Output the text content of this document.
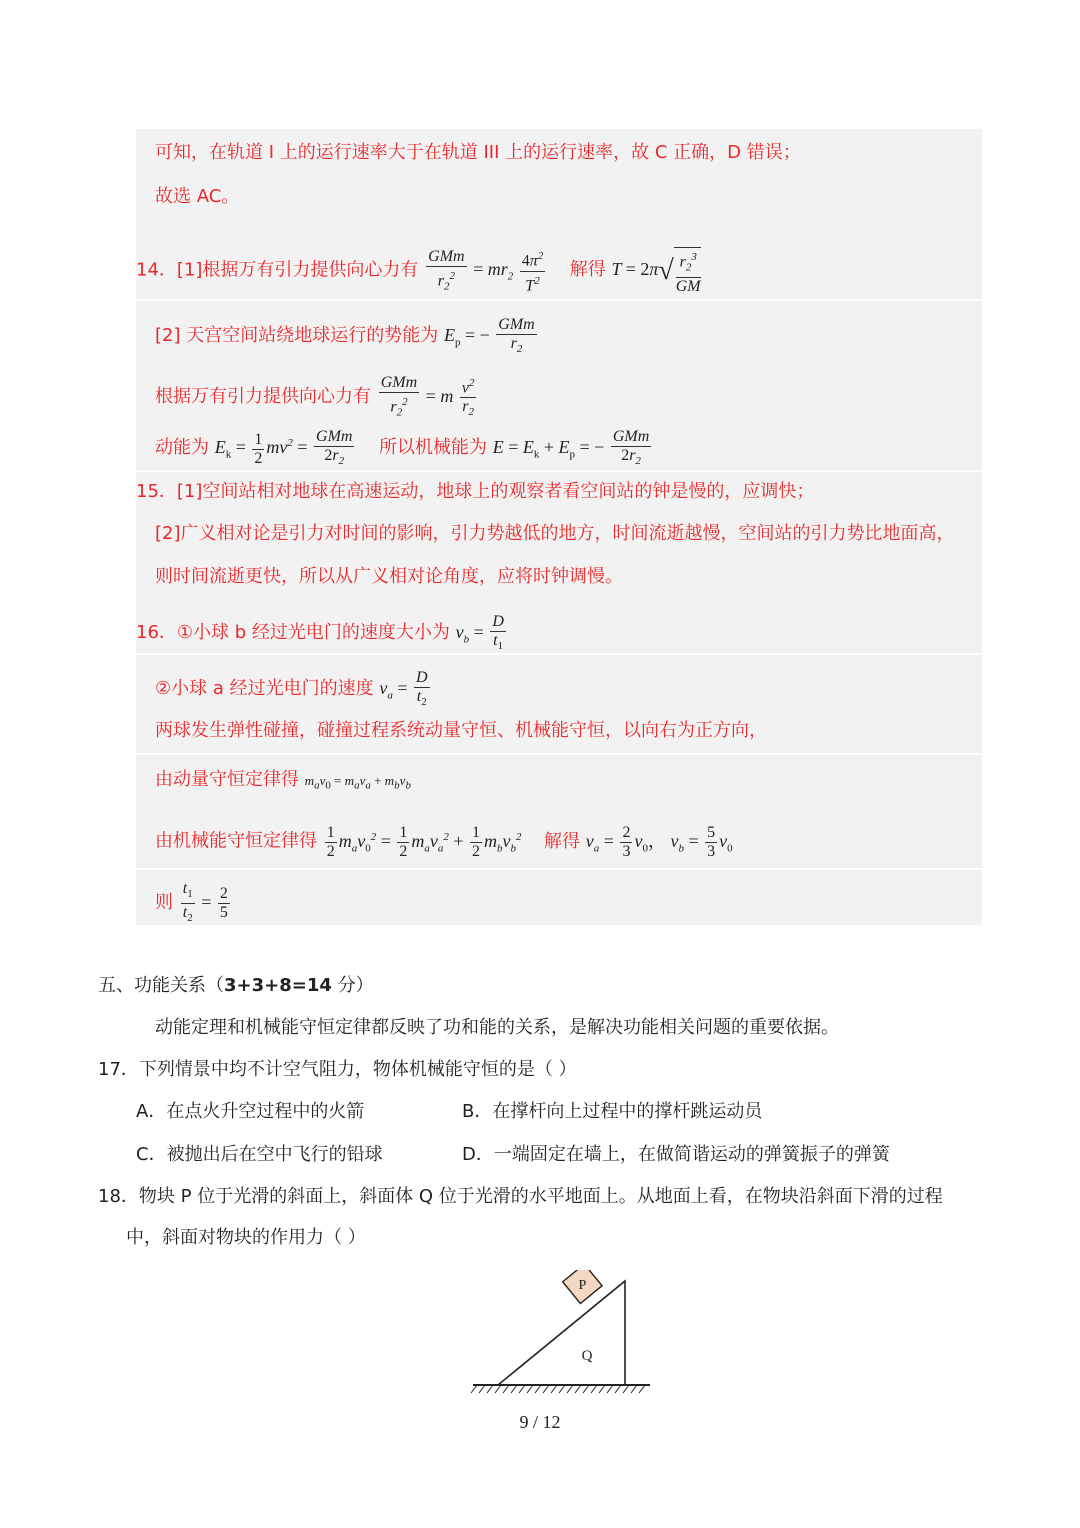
可知，在轨道 I 上的运行速率大于在轨道 III 上的运行速率，故 C 正确，D 错误；
故选 AC。
14．[1]根据万有引力提供向心力有 $\frac{\text{GMm}}{r_2^2} = mr_2 \frac{4\pi^2}{T^2}$ 解得 $T = 2\pi√ \frac{r_2^3}{GM}$
[2] 天宫空间站绕地球运行的势能为 $E_p$ = − $\frac{\text{GMm}}{r_2}$
根据万有引力提供向心力有 $\frac{\text{GMm}}{r_2^2} = m \frac{v^2}{r_2}$
动能为 $E_k = \frac{1}{2} mv^2 = \frac{\text{GMm}}{2r_2}$ 所以机械能为 $E = E_k + E_p$ = − $\frac{\text{GMm}}{2r_2}$
15．[1]空间站相对地球在高速运动，地球上的观察者看空间站的钟是慢的，应调快；
[2]广义相对论是引力对时间的影响，引力势越低的地方，时间流逝越慢，空间站的引力势比地面高，
则时间流逝更快，所以从广义相对论角度，应将时钟调慢。
16．①小球 b 经过光电门的速度大小为 $v_b = \frac{D}{t_1}$
②小球 a 经过光电门的速度 $v_a = \frac{D}{t_2}$
两球发生弹性碰撞，碰撞过程系统动量守恒、机械能守恒，以向右为正方向，
由动量守恒定律得 $m_av_0 = m_av_a + m_bv_b$
由机械能守恒定律得 $\frac{1}{2} m_av_0^2 = \frac{1}{2} m_av_a^2 + \frac{1}{2} m_bv_b^2$ 解得 $v_a = \frac{2}{3} v_0$， $v_b = \frac{5}{3} v_0$
则 $\frac{t_1}{t_2} = \frac{2}{5}$
五、功能关系（3+3+8=14 分）
动能定理和机械能守恒定律都反映了功和能的关系，是解决功能相关问题的重要依据。
17．下列情景中均不计空气阻力，物体机械能守恒的是（ ）
A．在点火升空过程中的火箭	B．在撑杆向上过程中的撑杆跳运动员
C．被抛出后在空中飞行的铅球	D．一端固定在墙上，在做简谐运动的弹簧振子的弹簧
18．物块 P 位于光滑的斜面上，斜面体 Q 位于光滑的水平地面上。从地面上看，在物块沿斜面下滑的过程
中，斜面对物块的作用力（ ）
P
Q
9 / 12
